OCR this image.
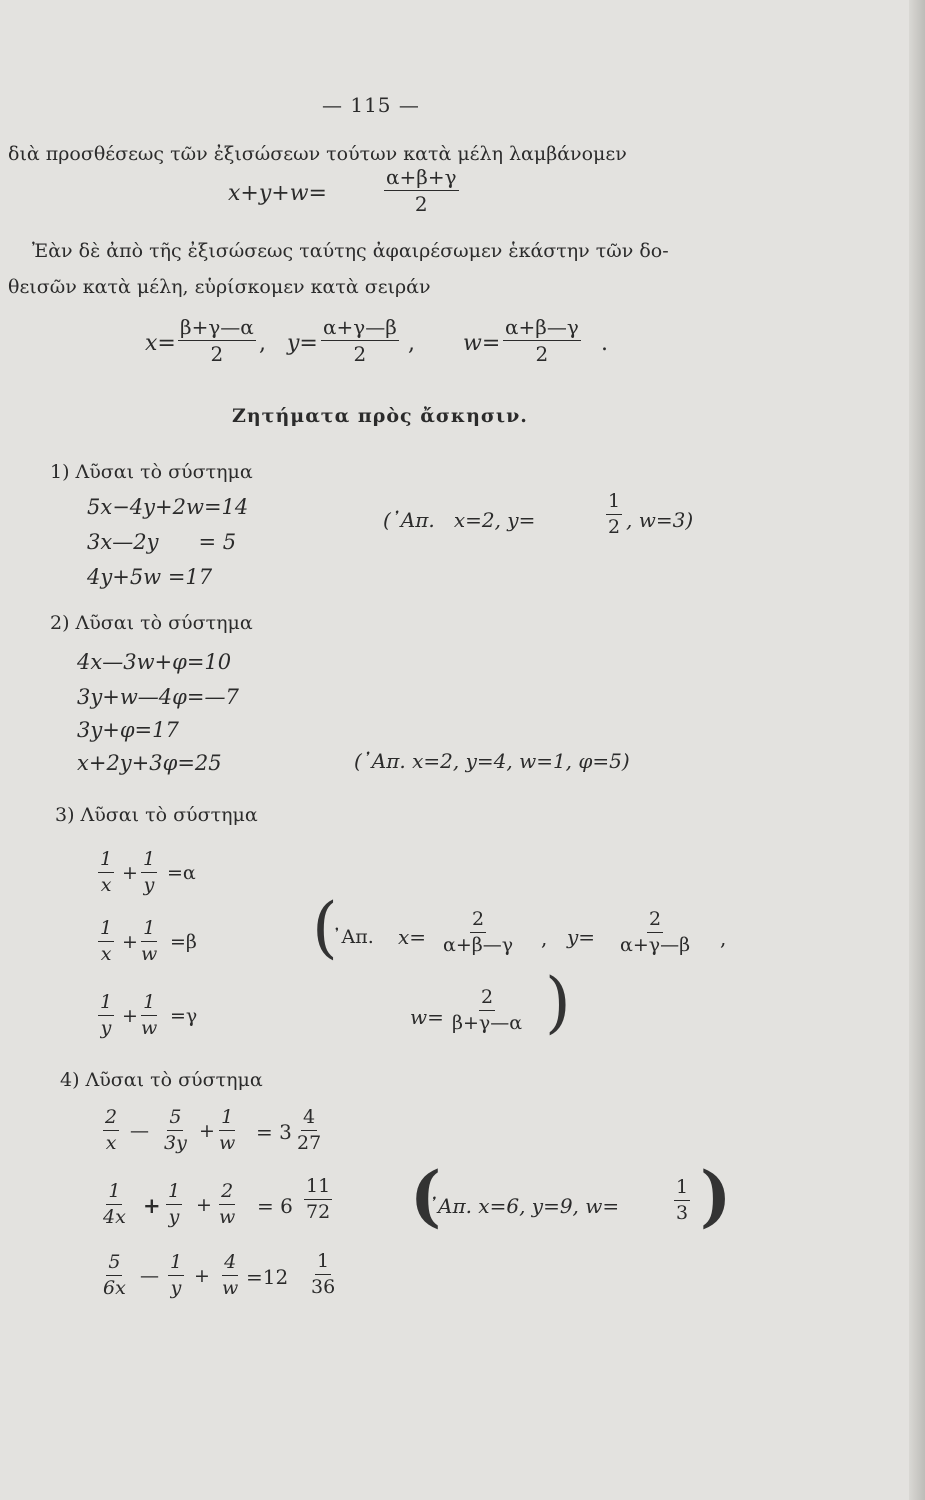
— 115 —
διὰ προσθέσεως τῶν ἐξισώσεων τούτων κατὰ μέλη λαμβάνομεν
x+y+w=	$\frac{\alpha+\beta+\gamma}{2}$
Ἐὰν δὲ ἀπὸ τῆς ἐξισώσεως ταύτης ἀφαιρέσωμεν ἑκάστην τῶν δο-
θεισῶν κατὰ μέλη, εὑρίσκομεν κατὰ σειράν
$x= \frac{\beta+\gamma—\alpha}{2}$ , $y= \frac{\alpha+\gamma—\beta}{2}$ , $w= \frac{\alpha+\beta—\gamma}{2}$ .
Ζητήματα πρὸς ἄσκησιν.
1) Λῦσαι τὸ σύστημα
5x−4y+2w=14
3x—2y      = 5
4y+5w =17
(᾽Απ.   x=2, y=	$\frac{1}{2}$ , w=3)
2) Λῦσαι τὸ σύστημα
4x—3w+φ=10
3y+w—4φ=—7
3y+φ=17
x+2y+3φ=25	(᾽Απ. x=2, y=4, w=1, φ=5)
3) Λῦσαι τὸ σύστημα
$\frac{1}{x} + \frac{1}{y} =\alpha$
$\frac{1}{x} + \frac{1}{w} =\beta$
$\frac{1}{y} + \frac{1}{w} =\gamma$
(
᾽Απ. $x= \frac{2}{\alpha+\beta—\gamma}$ , $y= \frac{2}{\alpha+\gamma—\beta}$ ,
$w= \frac{2}{\beta+\gamma—\alpha}$ )
4) Λῦσαι τὸ σύστημα
$\frac{2}{x}$ — $\frac{5}{3y} + \frac{1}{w} = 3 \frac{4}{27}$
$\frac{1}{4x} + \frac{1}{y} + \frac{2}{w} = 6 \frac{11}{72}$
$\frac{5}{6x}$ — $\frac{1}{y} + \frac{4}{w} =12 \frac{1}{36}$
(
᾽Απ. x=6, y=9, w=	$\frac{1}{3}$ )
